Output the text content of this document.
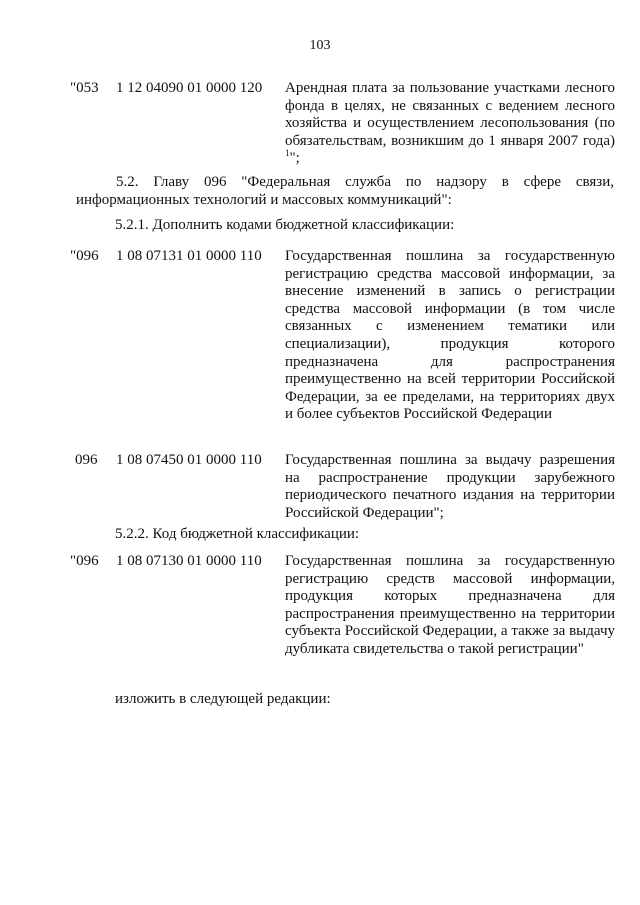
103
"053 1 12 04090 01 0000 120	Арендная плата за пользование участками лесного фонда в целях, не связанных с ведением лесного хозяйства и осуществлением лесопользования (по обязательствам, возникшим до 1 января 2007 года) $^1$";
5.2. Главу 096 "Федеральная служба по надзору в сфере связи, информационных технологий и массовых коммуникаций":
5.2.1. Дополнить кодами бюджетной классификации:
"096 1 08 07131 01 0000 110	Государственная пошлина за государственную регистрацию средства массовой информации, за внесение изменений в запись о регистрации средства массовой информации (в том числе связанных с изменением тематики или специализации), продукция которого предназначена для распространения преимущественно на всей территории Российской Федерации, за ее пределами, на территориях двух и более субъектов Российской Федерации
096 1 08 07450 01 0000 110	Государственная пошлина за выдачу разрешения на распространение продукции зарубежного периодического печатного издания на территории Российской Федерации";
5.2.2. Код бюджетной классификации:
"096 1 08 07130 01 0000 110	Государственная пошлина за государственную регистрацию средств массовой информации, продукция которых предназначена для распространения преимущественно на территории субъекта Российской Федерации, а также за выдачу дубликата свидетельства о такой регистрации"
изложить в следующей редакции:
